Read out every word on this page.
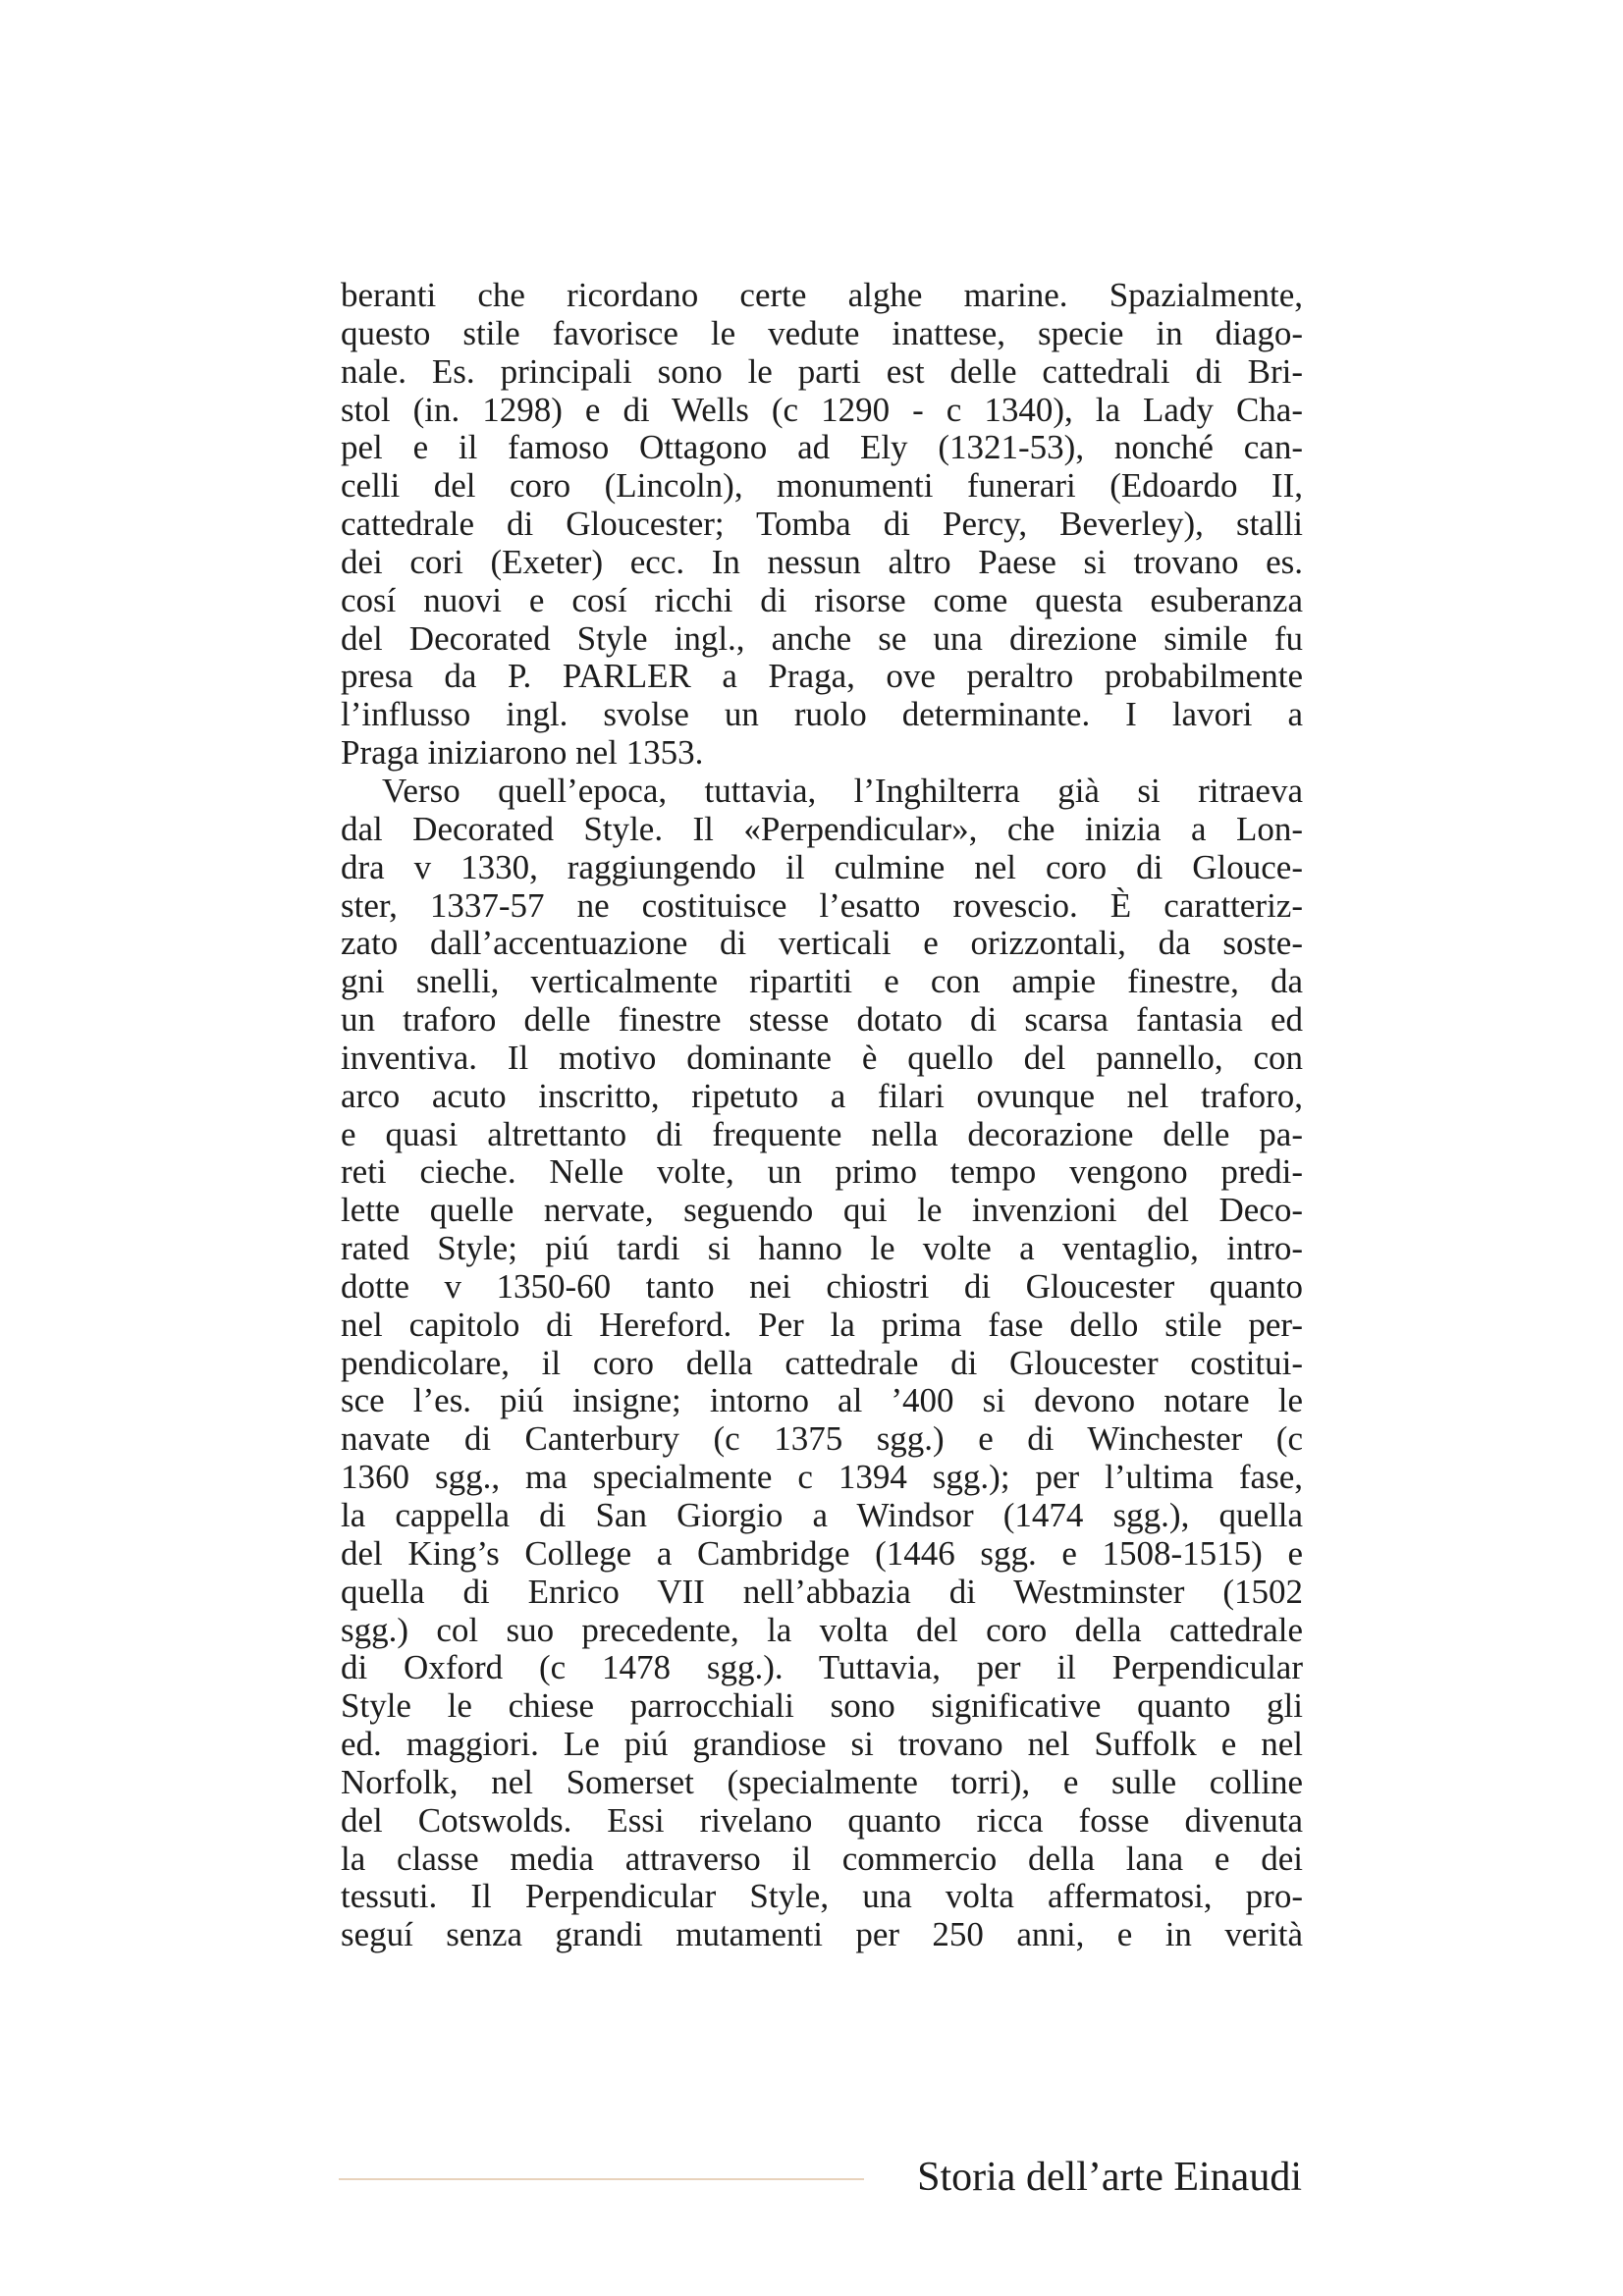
beranti che ricordano certe alghe marine. Spazialmente,
questo stile favorisce le vedute inattese, specie in diago-
nale. Es. principali sono le parti est delle cattedrali di Bri-
stol (in. 1298) e di Wells (c 1290 - c 1340), la Lady Cha-
pel e il famoso Ottagono ad Ely (1321-53), nonché can-
celli del coro (Lincoln), monumenti funerari (Edoardo II,
cattedrale di Gloucester; Tomba di Percy, Beverley), stalli
dei cori (Exeter) ecc. In nessun altro Paese si trovano es.
cosí nuovi e cosí ricchi di risorse come questa esuberanza
del Decorated Style ingl., anche se una direzione simile fu
presa da P. PARLER a Praga, ove peraltro probabilmente
l’influsso ingl. svolse un ruolo determinante. I lavori a
Praga iniziarono nel 1353.
Verso quell’epoca, tuttavia, l’Inghilterra già si ritraeva
dal Decorated Style. Il «Perpendicular», che inizia a Lon-
dra v 1330, raggiungendo il culmine nel coro di Glouce-
ster, 1337-57 ne costituisce l’esatto rovescio. È caratteriz-
zato dall’accentuazione di verticali e orizzontali, da soste-
gni snelli, verticalmente ripartiti e con ampie finestre, da
un traforo delle finestre stesse dotato di scarsa fantasia ed
inventiva. Il motivo dominante è quello del pannello, con
arco acuto inscritto, ripetuto a filari ovunque nel traforo,
e quasi altrettanto di frequente nella decorazione delle pa-
reti cieche. Nelle volte, un primo tempo vengono predi-
lette quelle nervate, seguendo qui le invenzioni del Deco-
rated Style; piú tardi si hanno le volte a ventaglio, intro-
dotte v 1350-60 tanto nei chiostri di Gloucester quanto
nel capitolo di Hereford. Per la prima fase dello stile per-
pendicolare, il coro della cattedrale di Gloucester costitui-
sce l’es. piú insigne; intorno al ’400 si devono notare le
navate di Canterbury (c 1375 sgg.) e di Winchester (c
1360 sgg., ma specialmente c 1394 sgg.); per l’ultima fase,
la cappella di San Giorgio a Windsor (1474 sgg.), quella
del King’s College a Cambridge (1446 sgg. e 1508-1515) e
quella di Enrico VII nell’abbazia di Westminster (1502
sgg.) col suo precedente, la volta del coro della cattedrale
di Oxford (c 1478 sgg.). Tuttavia, per il Perpendicular
Style le chiese parrocchiali sono significative quanto gli
ed. maggiori. Le piú grandiose si trovano nel Suffolk e nel
Norfolk, nel Somerset (specialmente torri), e sulle colline
del Cotswolds. Essi rivelano quanto ricca fosse divenuta
la classe media attraverso il commercio della lana e dei
tessuti. Il Perpendicular Style, una volta affermatosi, pro-
seguí senza grandi mutamenti per 250 anni, e in verità
Storia dell’arte Einaudi
